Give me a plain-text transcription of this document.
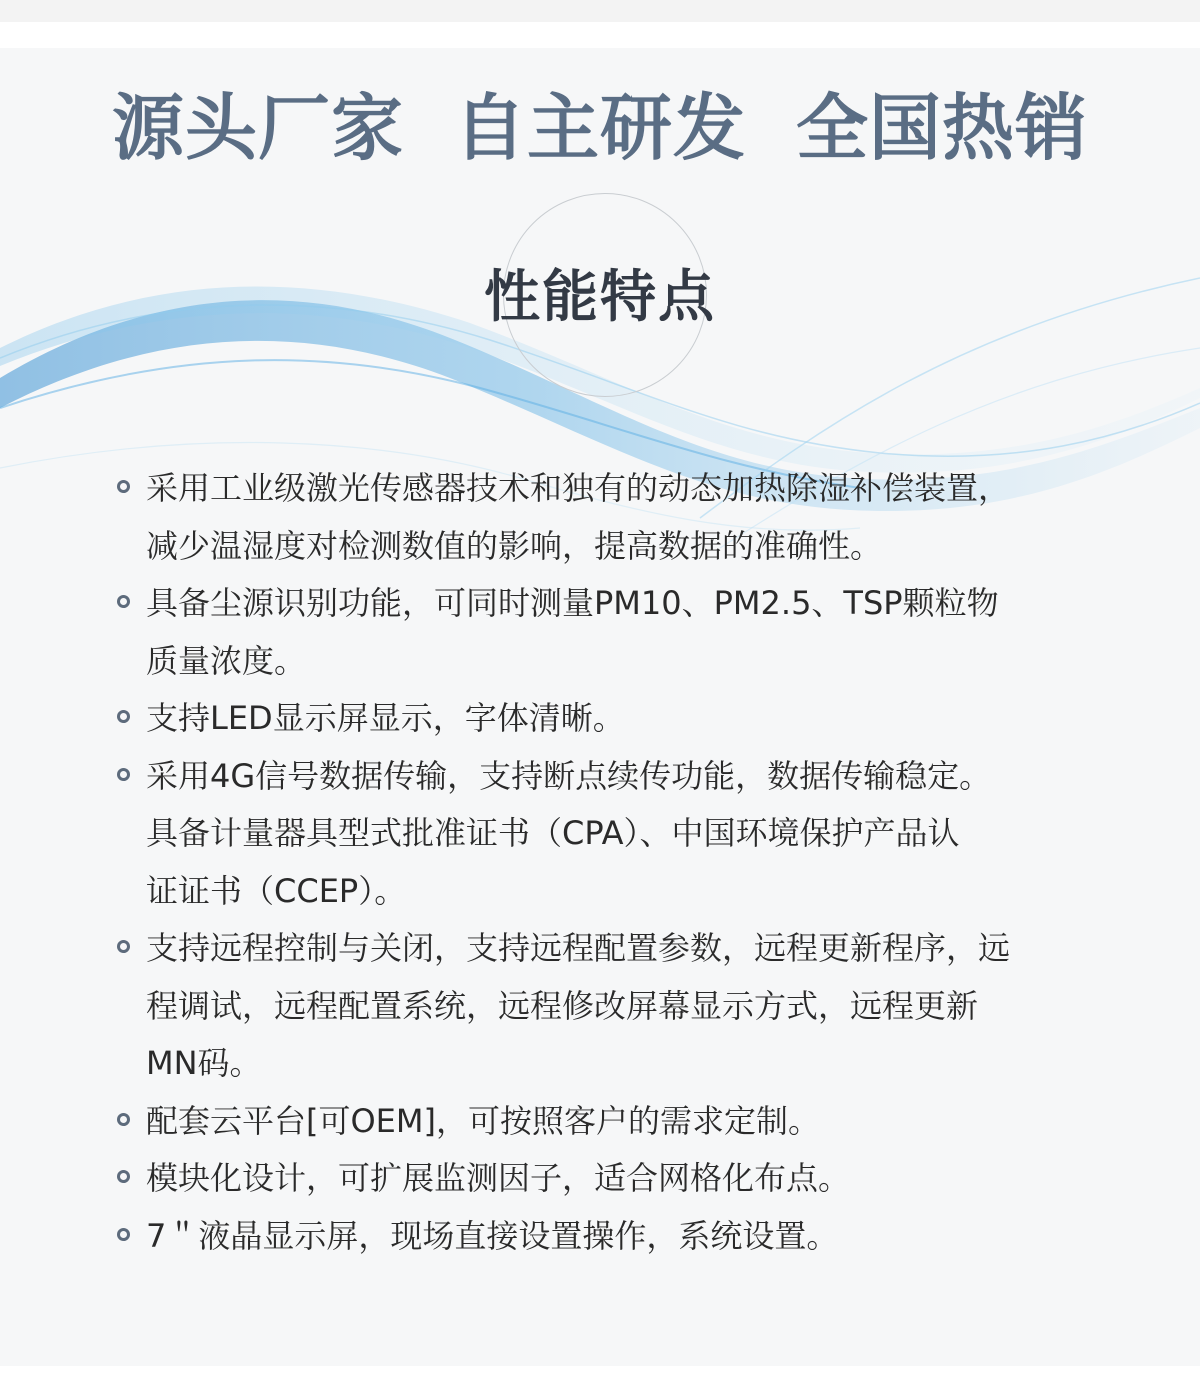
源头厂家 自主研发 全国热销
性能特点
采用工业级激光传感器技术和独有的动态加热除湿补偿装置，
减少温湿度对检测数值的影响，提高数据的准确性。
具备尘源识别功能，可同时测量PM10、PM2.5、TSP颗粒物
质量浓度。
支持LED显示屏显示，字体清晰。
采用4G信号数据传输，支持断点续传功能，数据传输稳定。
具备计量器具型式批准证书（CPA）、中国环境保护产品认
证证书（CCEP）。
支持远程控制与关闭，支持远程配置参数，远程更新程序，远
程调试，远程配置系统，远程修改屏幕显示方式，远程更新
MN码。
配套云平台[可OEM]，可按照客户的需求定制。
模块化设计，可扩展监测因子，适合网格化布点。
7＂液晶显示屏，现场直接设置操作，系统设置。
